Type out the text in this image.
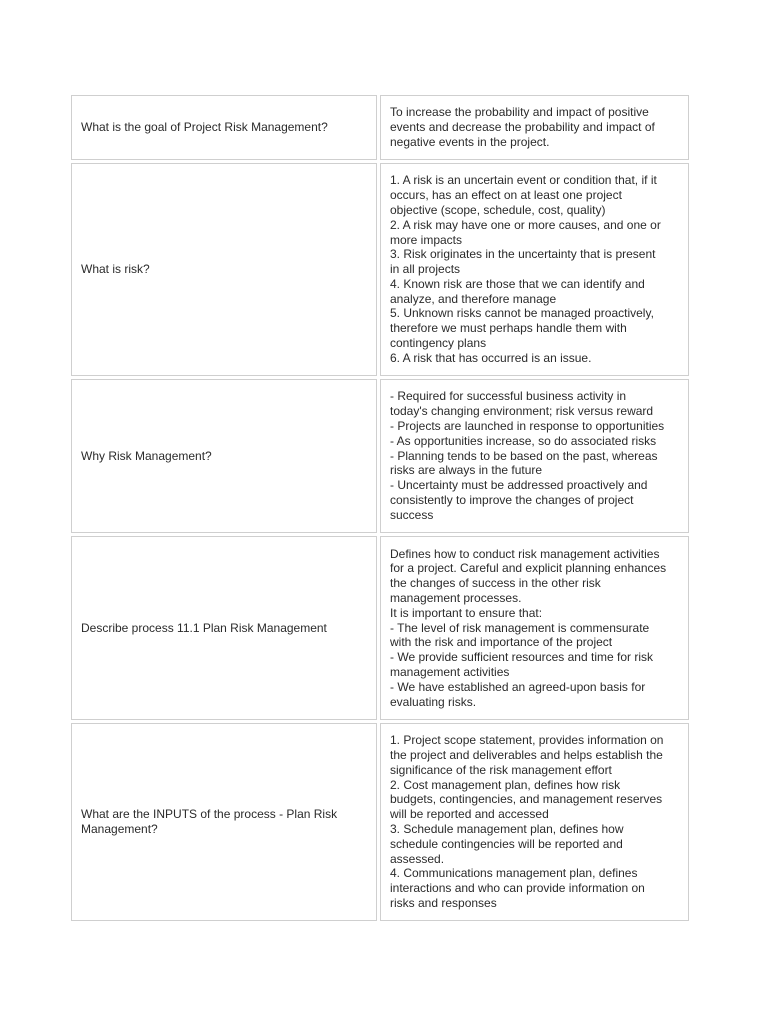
What is the goal of Project Risk Management?
To increase the probability and impact of positive
events and decrease the probability and impact of
negative events in the project.
What is risk?
1. A risk is an uncertain event or condition that, if it
occurs, has an effect on at least one project
objective (scope, schedule, cost, quality)
2. A risk may have one or more causes, and one or
more impacts
3. Risk originates in the uncertainty that is present
in all projects
4. Known risk are those that we can identify and
analyze, and therefore manage
5. Unknown risks cannot be managed proactively,
therefore we must perhaps handle them with
contingency plans
6. A risk that has occurred is an issue.
Why Risk Management?
- Required for successful business activity in
today's changing environment; risk versus reward
- Projects are launched in response to opportunities
- As opportunities increase, so do associated risks
- Planning tends to be based on the past, whereas
risks are always in the future
- Uncertainty must be addressed proactively and
consistently to improve the changes of project
success
Describe process 11.1 Plan Risk Management
Defines how to conduct risk management activities
for a project. Careful and explicit planning enhances
the changes of success in the other risk
management processes.
It is important to ensure that:
- The level of risk management is commensurate
with the risk and importance of the project
- We provide sufficient resources and time for risk
management activities
- We have established an agreed-upon basis for
evaluating risks.
What are the INPUTS of the process - Plan Risk
Management?
1. Project scope statement, provides information on
the project and deliverables and helps establish the
significance of the risk management effort
2. Cost management plan, defines how risk
budgets, contingencies, and management reserves
will be reported and accessed
3. Schedule management plan, defines how
schedule contingencies will be reported and
assessed.
4. Communications management plan, defines
interactions and who can provide information on
risks and responses
